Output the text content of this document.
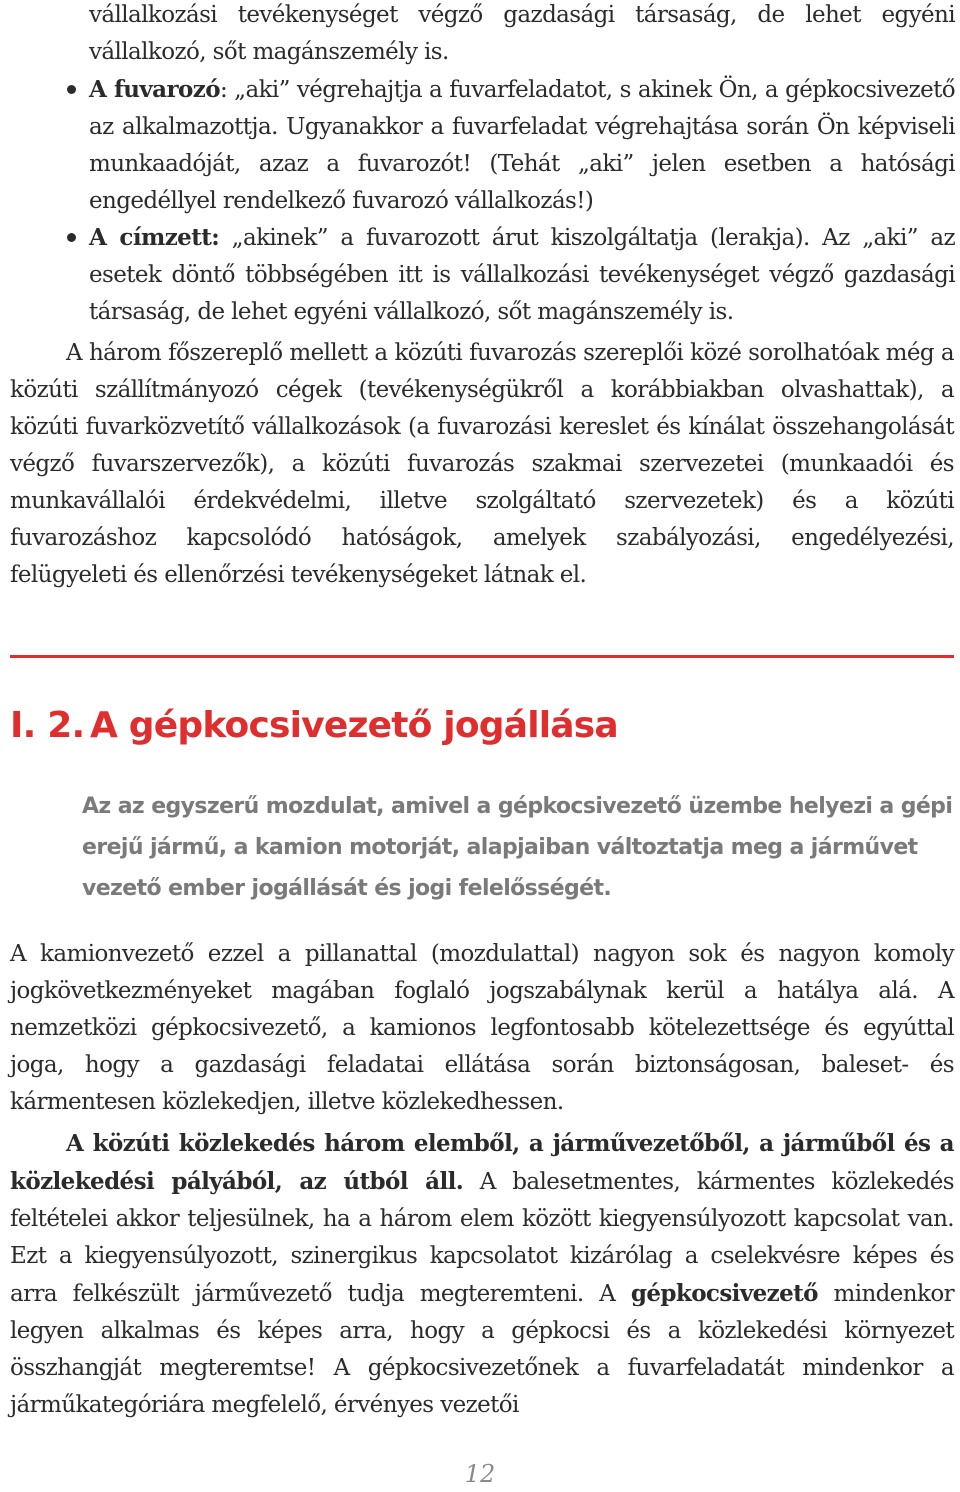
vállalkozási tevékenységet végző gazdasági társaság, de lehet egyéni vállalkozó, sőt magánszemély is.

A fuvarozó: „aki” végrehajtja a fuvarfeladatot, s akinek Ön, a gépkocsivezető az alkalmazottja. Ugyanakkor a fuvarfeladat végrehajtása során Ön képviseli munkaadóját, azaz a fuvarozót! (Tehát „aki” jelen esetben a hatósági engedéllyel rendelkező fuvarozó vállalkozás!)

A címzett: „akinek” a fuvarozott árut kiszolgáltatja (lerakja). Az „aki” az esetek döntő többségében itt is vállalkozási tevékenységet végző gazdasági társaság, de lehet egyéni vállalkozó, sőt magánszemély is.

A három főszereplő mellett a közúti fuvarozás szereplői közé sorolhatóak még a közúti szállítmányozó cégek (tevékenységükről a korábbiakban olvashattak), a közúti fuvarközvetítő vállalkozások (a fuvarozási kereslet és kínálat összehangolását végző fuvarszervezők), a közúti fuvarozás szakmai szervezetei (munkaadói és munkavállalói érdekvédelmi, illetve szolgáltató szervezetek) és a közúti fuvarozáshoz kapcsolódó hatóságok, amelyek szabályozási, engedélyezési, felügyeleti és ellenőrzési tevékenységeket látnak el.

I. 2. A gépkocsivezető jogállása

Az az egyszerű mozdulat, amivel a gépkocsivezető üzembe helyezi a gépi erejű jármű, a kamion motorját, alapjaiban változtatja meg a járművet vezető ember jogállását és jogi felelősségét.

A kamionvezető ezzel a pillanattal (mozdulattal) nagyon sok és nagyon komoly jogkövetkezményeket magában foglaló jogszabálynak kerül a hatálya alá. A nemzetközi gépkocsivezető, a kamionos legfontosabb kötelezettsége és egyúttal joga, hogy a gazdasági feladatai ellátása során biztonságosan, baleset- és kármentesen közlekedjen, illetve közlekedhessen.

A közúti közlekedés három elemből, a járművezetőből, a járműből és a közlekedési pályából, az útból áll. A balesetmentes, kármentes közlekedés feltételei akkor teljesülnek, ha a három elem között kiegyensúlyozott kapcsolat van. Ezt a kiegyensúlyozott, szinergikus kapcsolatot kizárólag a cselekvésre képes és arra felkészült járművezető tudja megteremteni. A gépkocsivezető mindenkor legyen alkalmas és képes arra, hogy a gépkocsi és a közlekedési környezet összhangját megteremtse! A gépkocsivezetőnek a fuvarfeladatát mindenkor a járműkategóriára megfelelő, érvényes vezetői

12
